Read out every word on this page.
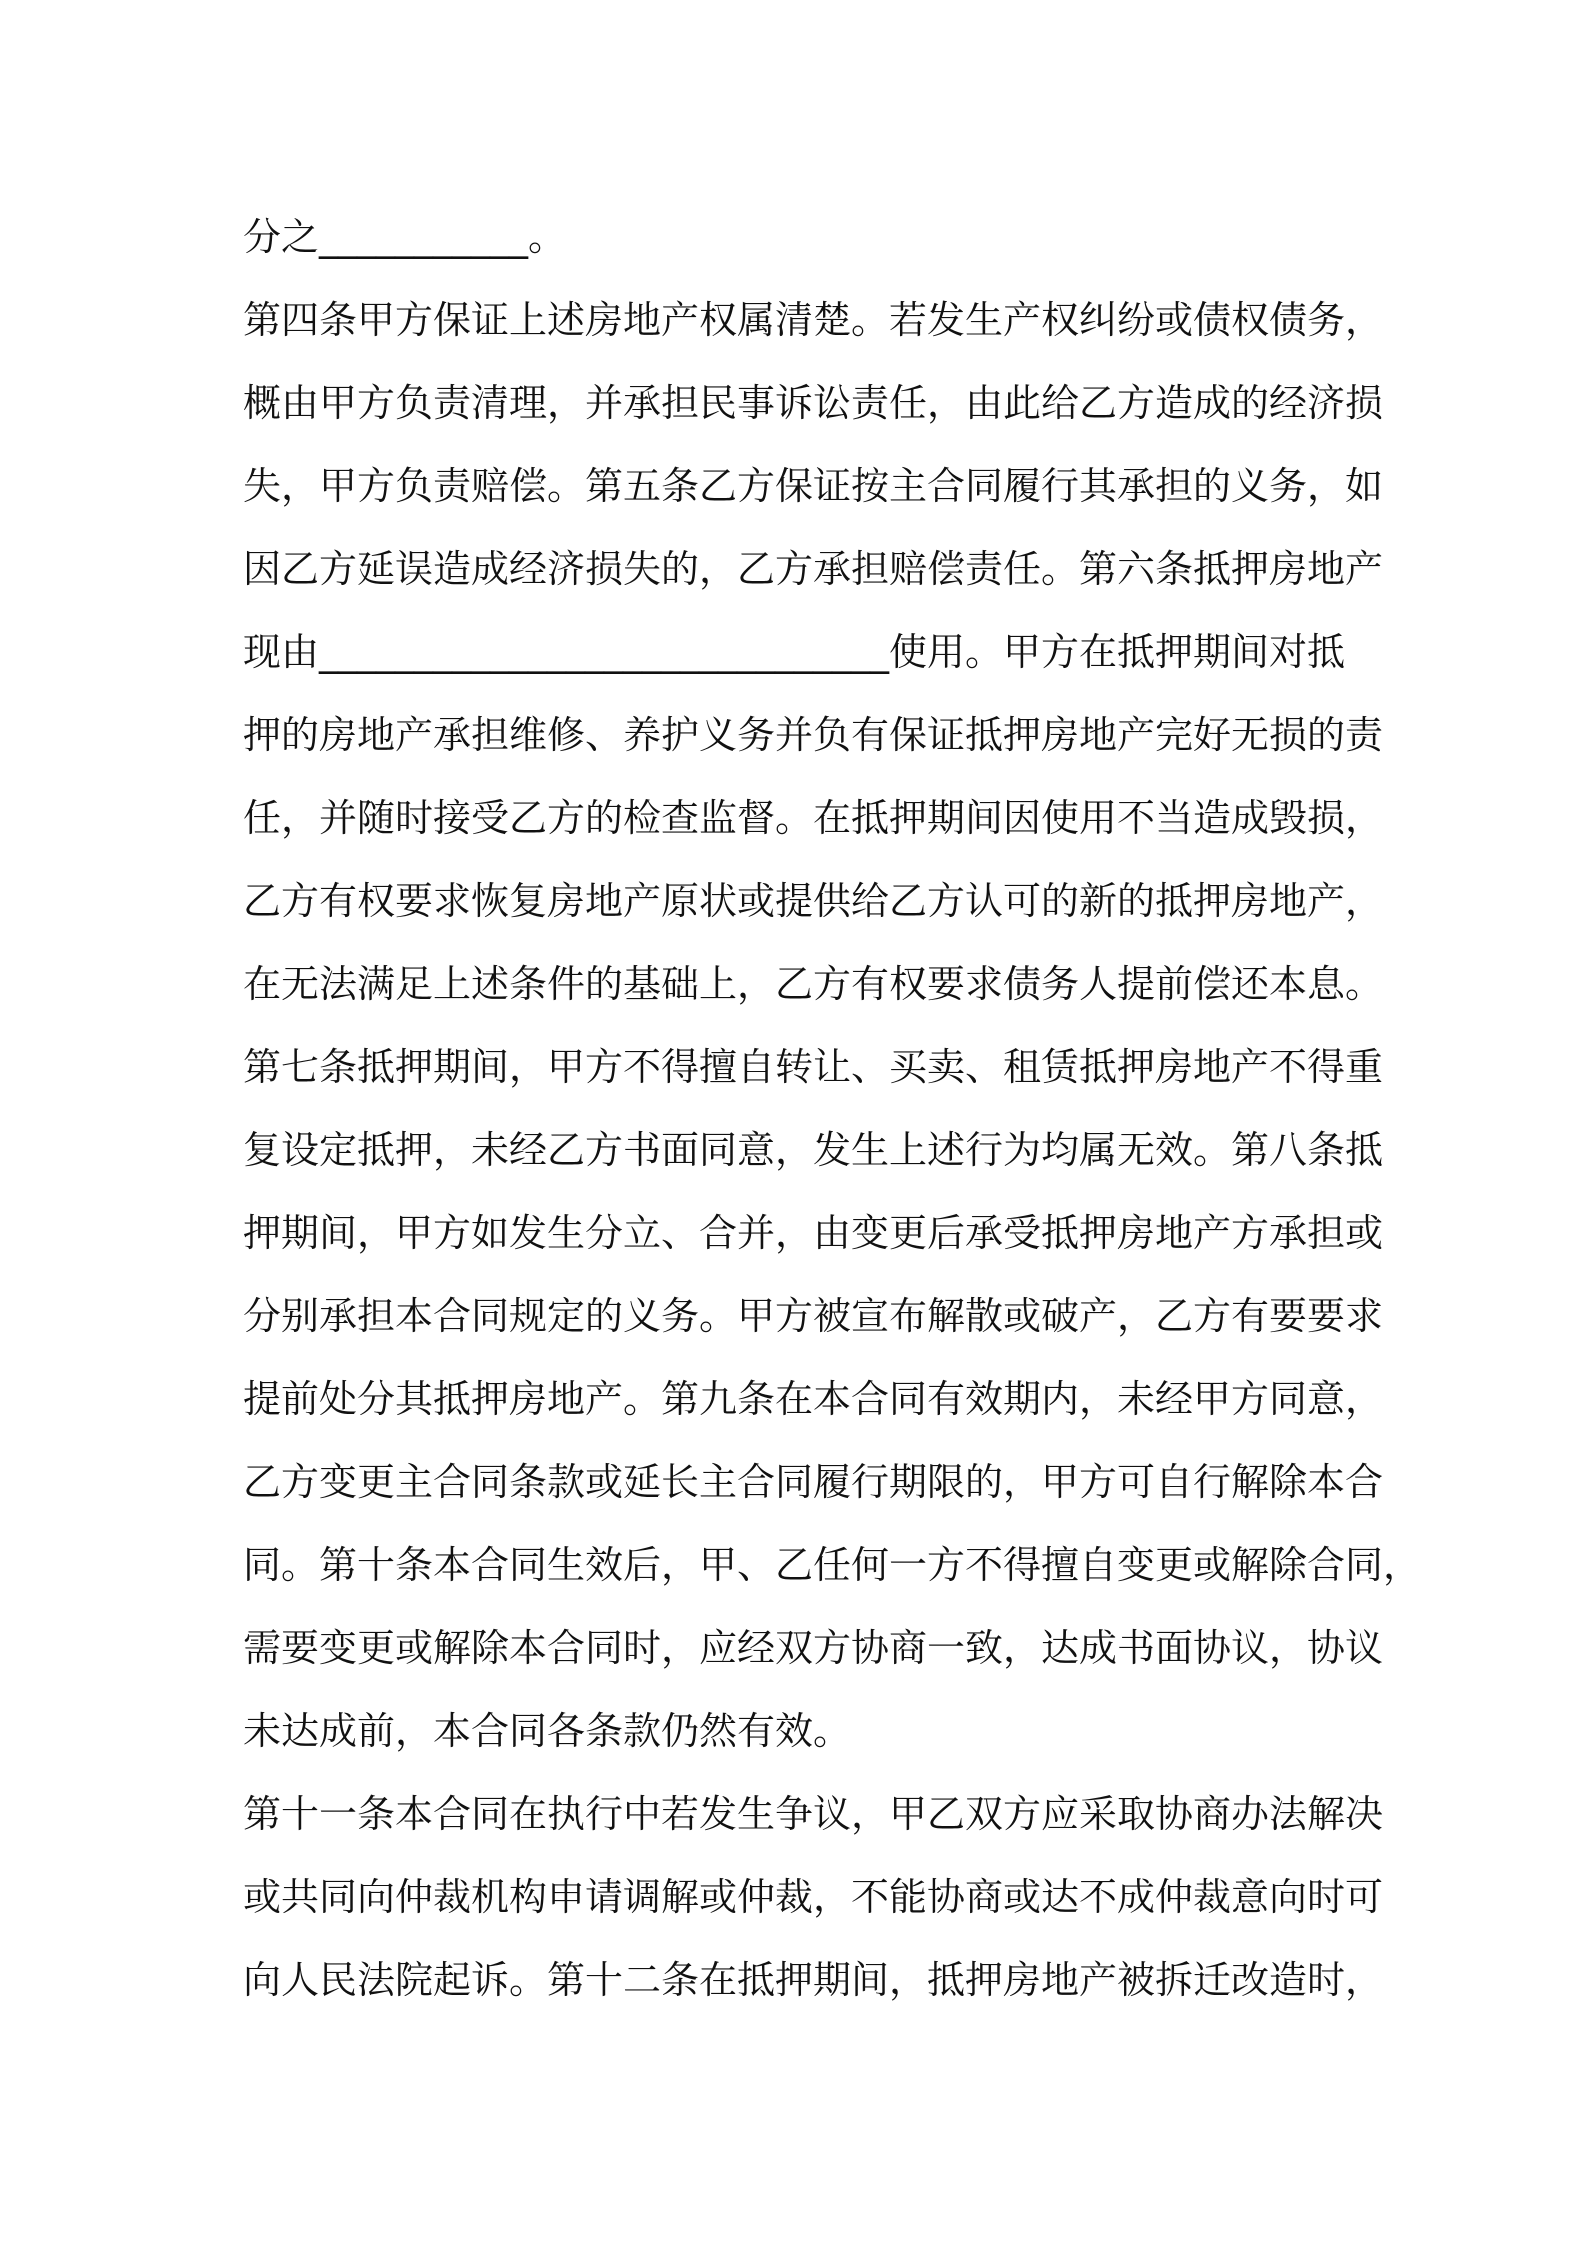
分之___________。
第四条甲方保证上述房地产权属清楚。若发生产权纠纷或债权债务，
概由甲方负责清理，并承担民事诉讼责任，由此给乙方造成的经济损
失，甲方负责赔偿。第五条乙方保证按主合同履行其承担的义务，如
因乙方延误造成经济损失的，乙方承担赔偿责任。第六条抵押房地产
现由______________________________使用。甲方在抵押期间对抵
押的房地产承担维修、养护义务并负有保证抵押房地产完好无损的责
任，并随时接受乙方的检查监督。在抵押期间因使用不当造成毁损，
乙方有权要求恢复房地产原状或提供给乙方认可的新的抵押房地产，
在无法满足上述条件的基础上，乙方有权要求债务人提前偿还本息。
第七条抵押期间，甲方不得擅自转让、买卖、租赁抵押房地产不得重
复设定抵押，未经乙方书面同意，发生上述行为均属无效。第八条抵
押期间，甲方如发生分立、合并，由变更后承受抵押房地产方承担或
分别承担本合同规定的义务。甲方被宣布解散或破产，乙方有要要求
提前处分其抵押房地产。第九条在本合同有效期内，未经甲方同意，
乙方变更主合同条款或延长主合同履行期限的，甲方可自行解除本合
同。第十条本合同生效后，甲、乙任何一方不得擅自变更或解除合同，
需要变更或解除本合同时，应经双方协商一致，达成书面协议，协议
未达成前，本合同各条款仍然有效。
第十一条本合同在执行中若发生争议，甲乙双方应采取协商办法解决
或共同向仲裁机构申请调解或仲裁，不能协商或达不成仲裁意向时可
向人民法院起诉。第十二条在抵押期间，抵押房地产被拆迁改造时，
